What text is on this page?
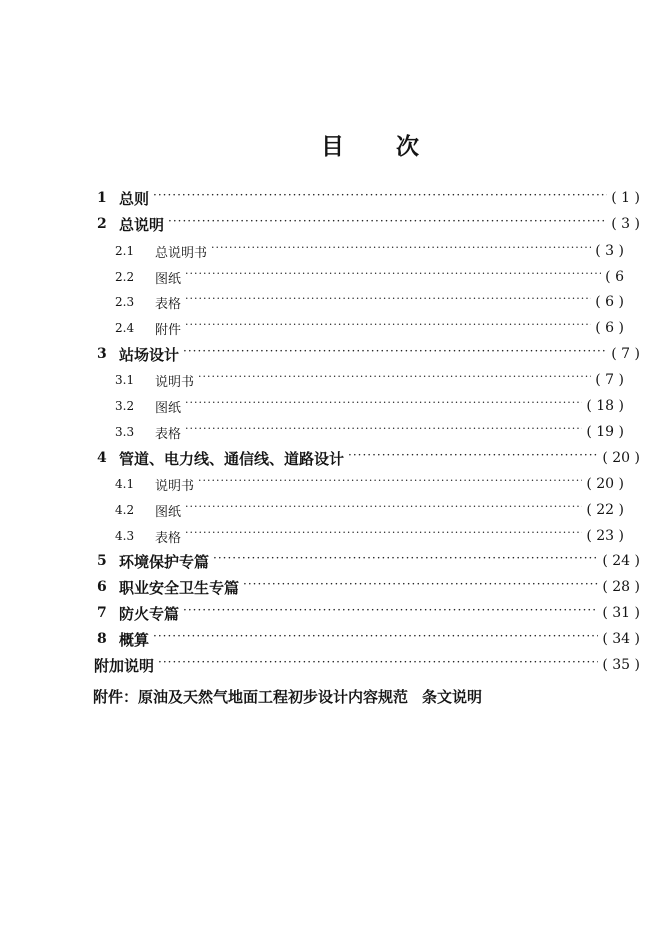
目 次
1 总则 ·····	( 1 )
2 总说明 ·····	( 3 )
2.1	总说明书 ·····	( 3 )
2.2	图纸 ·····	( 6
2.3	表格 ·····	( 6 )
2.4	附件 ·····	( 6 )
3 站场设计 ·····	( 7 )
3.1	说明书 ·····	( 7 )
3.2	图纸 ·····	( 18 )
3.3	表格 ·····	( 19 )
4 管道、电力线、通信线、道路设计 ·····	( 20 )
4.1	说明书 ·····	( 20 )
4.2	图纸 ·····	( 22 )
4.3	表格 ·····	( 23 )
5 环境保护专篇 ·····	( 24 )
6 职业安全卫生专篇 ·····	( 28 )
7 防火专篇 ·····	( 31 )
8 概算 ·····	( 34 )
附加说明 ·····	( 35 )
附件：原油及天然气地面工程初步设计内容规范 条文说明
